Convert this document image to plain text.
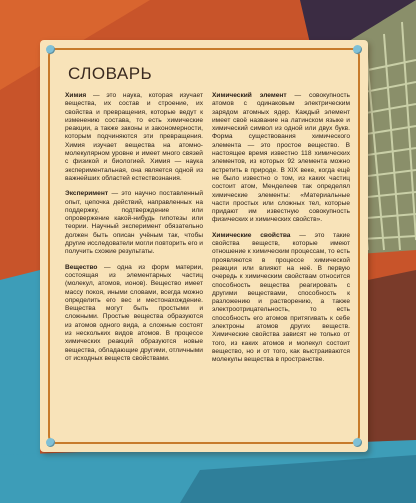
СЛОВАРЬ

Химия — это наука, которая изучает вещества, их состав и строение, их свойства и превращения, которые ведут к изменению состава, то есть химические реакции, а также законы и закономерности, которым подчиняются эти превращения. Химия изучает вещества на атомно-молекулярном уровне и имеет много связей с физикой и биологией. Химия — наука экспериментальная, она является одной из важнейших областей естествознания.

Эксперимент — это научно поставленный опыт, цепочка действий, направленных на поддержку, подтверждение или опровержение какой-нибудь гипотезы или теории. Научный эксперимент обязательно должен быть описан учёным так, чтобы другие исследователи могли повторить его и получить схожие результаты.

Вещество — одна из форм материи, состоящая из элементарных частиц (молекул, атомов, ионов). Вещество имеет массу покоя, иными словами, всегда можно определить его вес и местонахождение. Вещества могут быть простыми и сложными. Простые вещества образуются из атомов одного вида, а сложные состоят из нескольких видов атомов. В процессе химических реакций образуются новые вещества, обладающие другими, отличными от исходных веществ свойствами.

Химический элемент — совокупность атомов с одинаковым электрическим зарядом атомных ядер. Каждый элемент имеет своё название на латинском языке и химический символ из одной или двух букв. Форма существования химического элемента — это простое вещество. В настоящее время известно 118 химических элементов, из которых 92 элемента можно встретить в природе. В XIX веке, когда ещё не было известно о том, из каких частиц состоит атом, Менделеев так определял химические элементы: «Материальные части простых или сложных тел, которые придают им известную совокупность физических и химических свойств».

Химические свойства — это такие свойства веществ, которые имеют отношение к химическим процессам, то есть проявляются в процессе химической реакции или влияют на неё. В первую очередь к химическим свойствам относится способность вещества реагировать с другими веществами, способность к разложению и растворению, а также электроотрицательность, то есть способность его атомов притягивать к себе электроны атомов других веществ. Химические свойства зависят не только от того, из каких атомов и молекул состоит вещество, но и от того, как выстраиваются молекулы вещества в пространстве.
